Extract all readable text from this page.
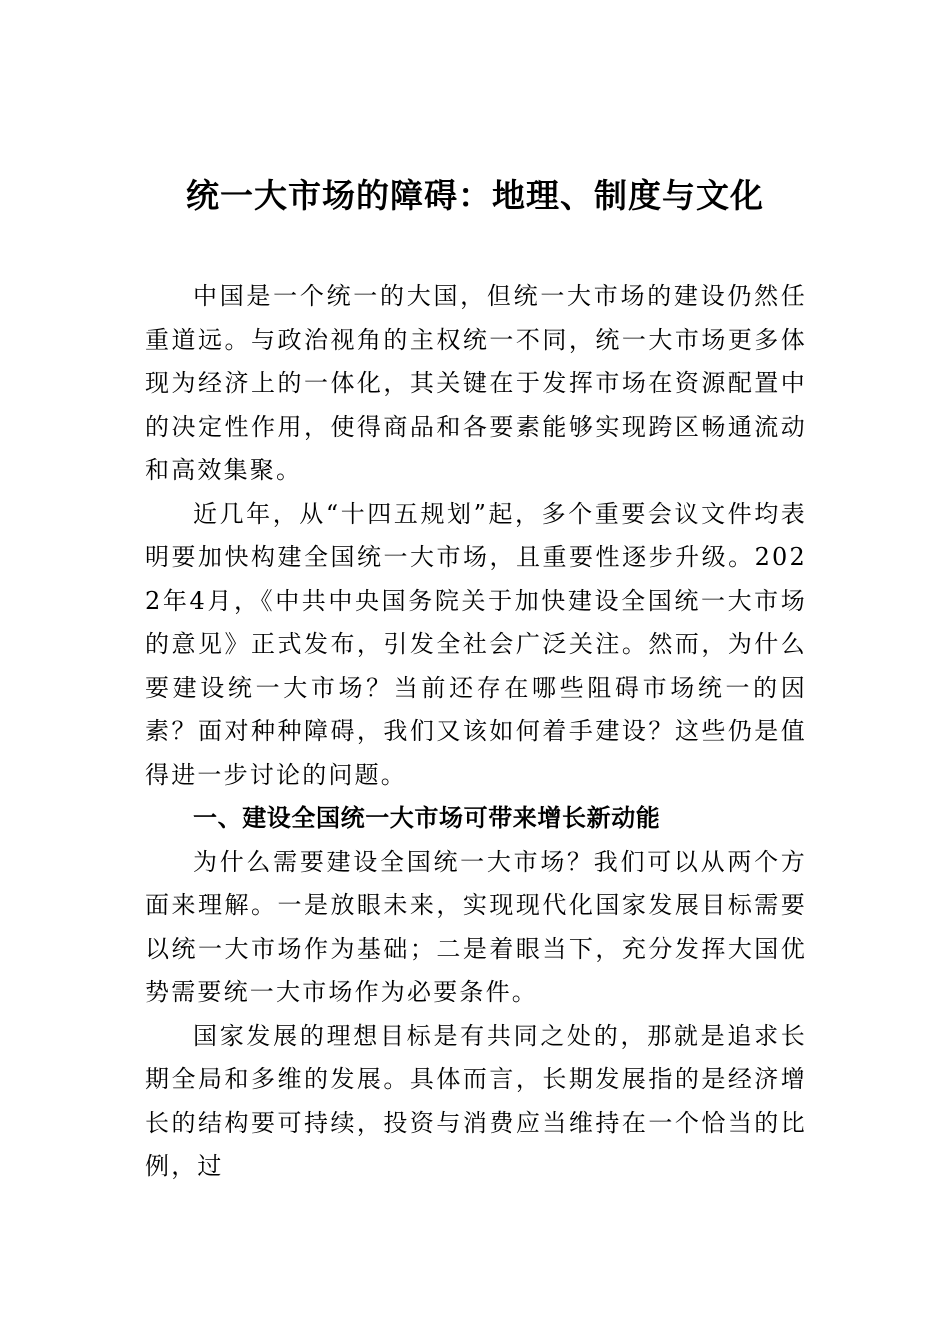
统一大市场的障碍：地理、制度与文化

中国是一个统一的大国，但统一大市场的建设仍然任重道远。与政治视角的主权统一不同，统一大市场更多体现为经济上的一体化，其关键在于发挥市场在资源配置中的决定性作用，使得商品和各要素能够实现跨区畅通流动和高效集聚。

近几年，从“十四五规划”起，多个重要会议文件均表明要加快构建全国统一大市场，且重要性逐步升级。2022年4月，《中共中央国务院关于加快建设全国统一大市场的意见》正式发布，引发全社会广泛关注。然而，为什么要建设统一大市场？当前还存在哪些阻碍市场统一的因素？面对种种障碍，我们又该如何着手建设？这些仍是值得进一步讨论的问题。

一、建设全国统一大市场可带来增长新动能

为什么需要建设全国统一大市场？我们可以从两个方面来理解。一是放眼未来，实现现代化国家发展目标需要以统一大市场作为基础；二是着眼当下，充分发挥大国优势需要统一大市场作为必要条件。

国家发展的理想目标是有共同之处的，那就是追求长期全局和多维的发展。具体而言，长期发展指的是经济增长的结构要可持续，投资与消费应当维持在一个恰当的比例，过
